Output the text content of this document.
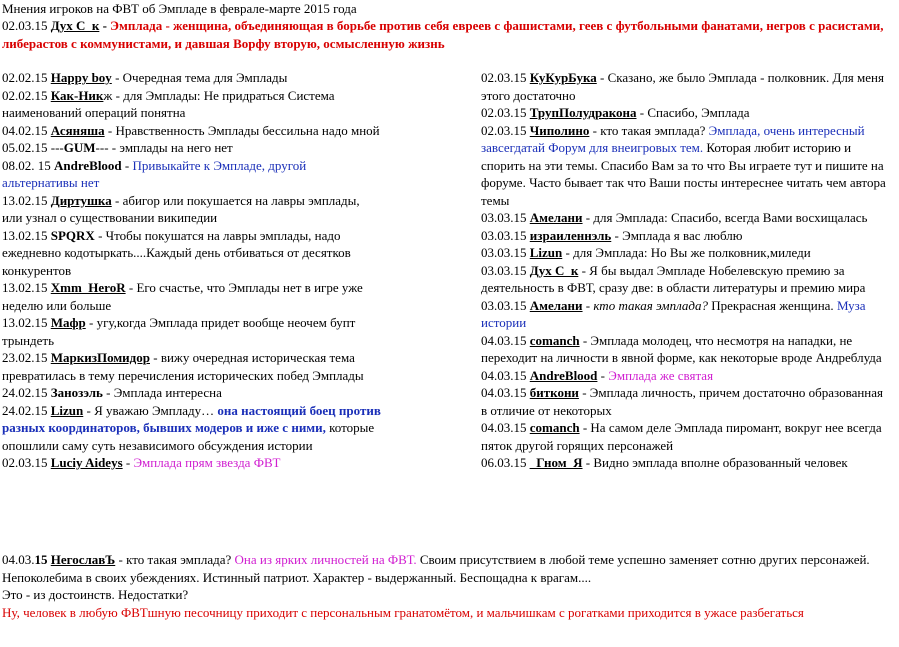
Мнения игроков на ФВТ об Эмпладе в феврале-марте 2015 года

02.03.15 Дух С_к - Эмплада - женщина, объединяющая в борьбе против себя евреев с фашистами, геев с футбольными фанатами, негров с расистами, либерастов с коммунистами, и давшая Ворфу вторую, осмысленную жизнь

02.02.15 Happy boy - Очередная тема для Эмплады

02.02.15 Как-Никж - для Эмплады: Не придраться Система наименований операций понятна

04.02.15 Асяняша - Нравственность Эмплады бессильна надо мной

05.02.15 ---GUM--- - эмплады на него нет

08.02. 15 AndreBlood - Привыкайте к Эмпладе, другой альтернативы нет

13.02.15 Диртушка - абигор или покушается на лавры эмплады, или узнал о существовании википедии

13.02.15 SPQRX - Чтобы покушатся на лавры эмплады, надо ежедневно кодотыркать....Каждый день отбиваться от десятков конкурентов

13.02.15 Xmm_HeroR - Его счастье, что Эмплады нет в игре уже неделю или больше

13.02.15 Мафр - угу,когда Эмплада придет вообще неочем бупт трындеть

23.02.15 МаркизПомидор - вижу очередная историческая тема превратилась в тему перечисления исторических побед Эмплады

24.02.15 Занозэль - Эмплада интересна

24.02.15 Lizun - Я уважаю Эмпладу… она настоящий боец против разных координаторов, бывших модеров и иже с ними, которые опошлили саму суть независимого обсуждения истории

02.03.15 Luciy Aideys - Эмплада прям звезда ФВТ

02.03.15 КуКурБука - Сказано, же было Эмплада - полковник. Для меня этого достаточно

02.03.15 ТрупПолудракона - Спасибо, Эмплада

02.03.15 Чиполино - кто такая эмплада? Эмплада, очень интересный завсегдатай Форум для внеигровых тем. Которая любит историю и спорить на эти темы. Спасибо Вам за то что Вы играете тут и пишите на форуме. Часто бывает так что Ваши посты интереснее читать чем автора темы

03.03.15 Амелани - для Эмплада: Спасибо, всегда Вами восхищалась

03.03.15 израиленнэль - Эмплада я вас люблю

03.03.15 Lizun - для Эмплада: Но Вы же полковник,миледи

03.03.15 Дух С_к - Я бы выдал Эмпладе Нобелевскую премию за деятельность в ФВТ, сразу две: в области литературы и премию мира

03.03.15 Амелани - кто такая эмплада? Прекрасная женщина. Муза истории

04.03.15 comanch - Эмплада молодец, что несмотря на нападки, не переходит на личности в явной форме, как некоторые вроде Андреблуда

04.03.15 AndreBlood - Эмплада же святая

04.03.15 биткони - Эмплада личность, причем достаточно образованная в отличие от некоторых

04.03.15 comanch - На самом деле Эмплада пиромант, вокруг нее всегда пяток другой горящих персонажей

06.03.15 _Гном_Я - Видно эмплада вполне образованный человек

04.03.15 НегославЪ - кто такая эмплада? Она из ярких личностей на ФВТ. Своим присутствием в любой теме успешно заменяет сотню других персонажей. Непоколебима в своих убеждениях. Истинный патриот. Характер - выдержанный. Беспощадна к врагам....

Это - из достоинств. Недостатки?

Ну, человек в любую ФВТшную песочницу приходит с персональным гранатомётом, и мальчишкам с рогатками приходится в ужасе разбегаться
